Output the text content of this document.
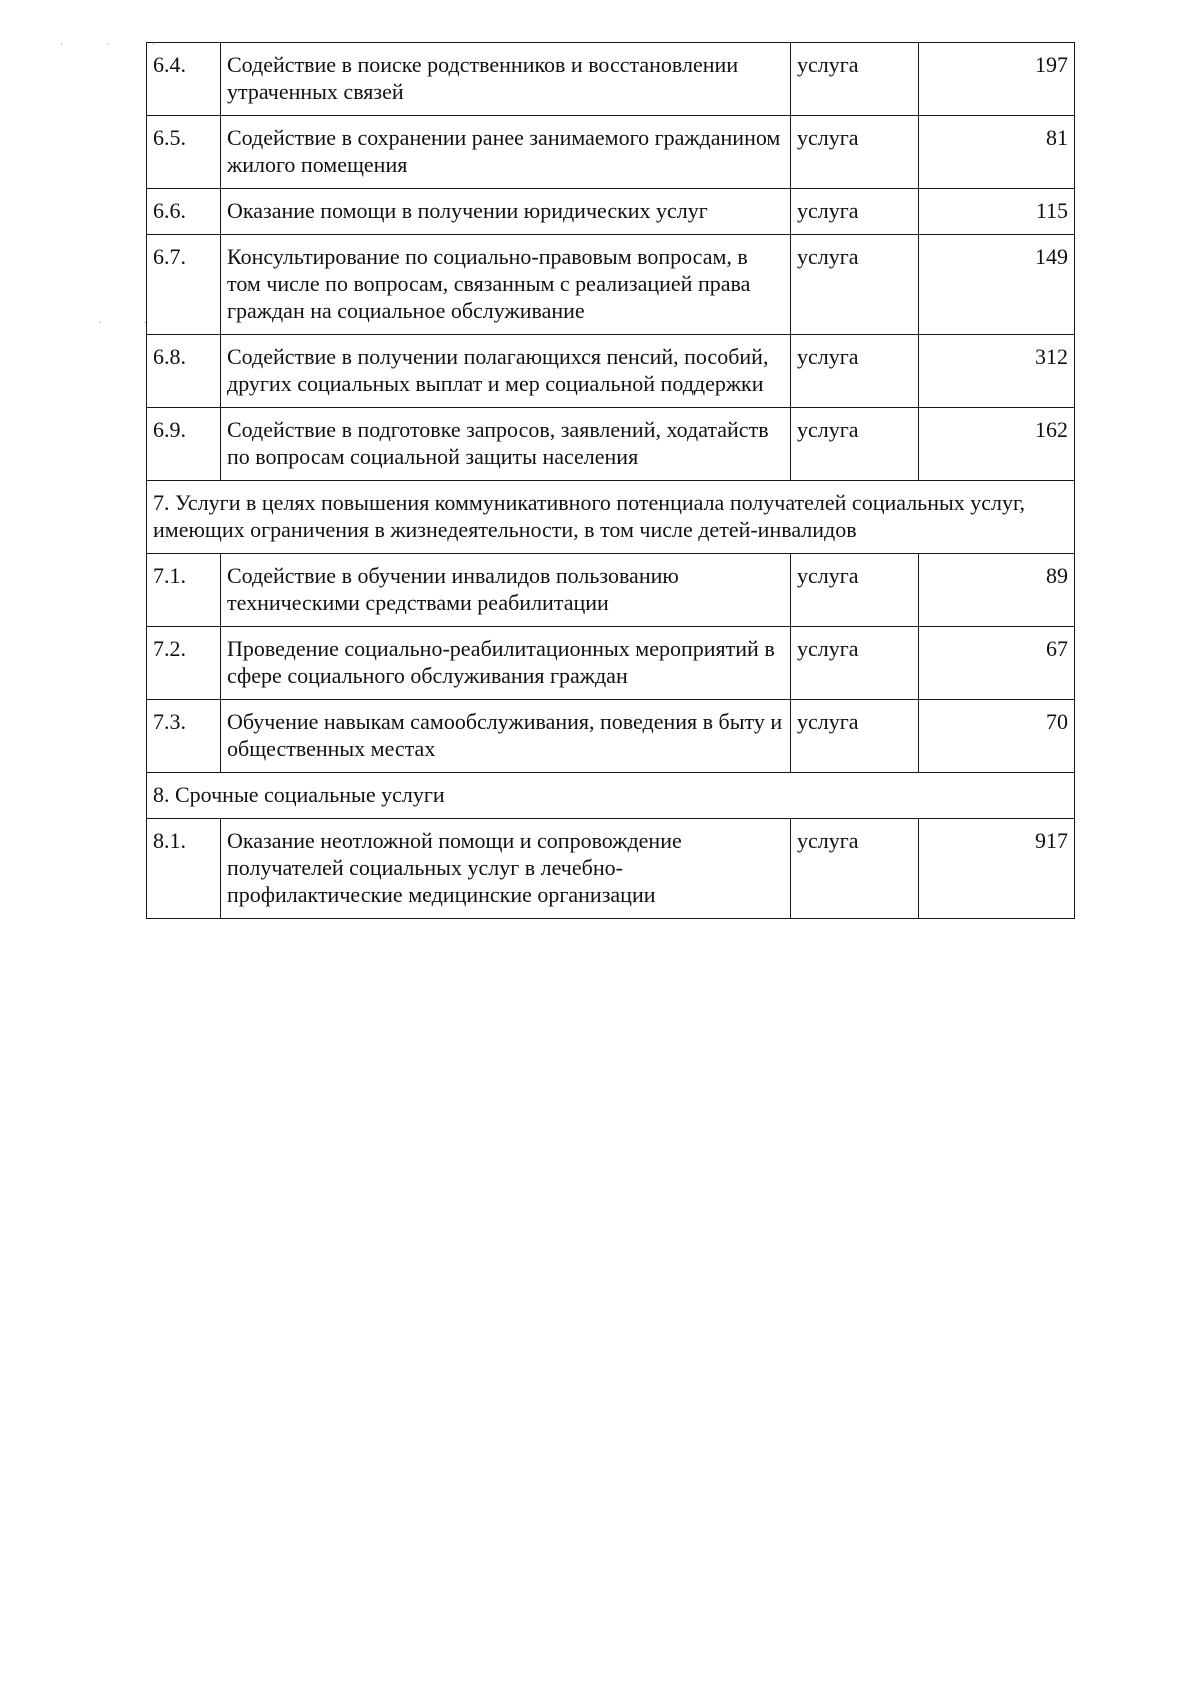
· · ·
· ·
6.4.	Содействие в поиске родственников и восстановлении утраченных связей	услуга	197
6.5.	Содействие в сохранении ранее занимаемого гражданином жилого помещения	услуга	81
6.6.	Оказание помощи в получении юридических услуг	услуга	115
6.7.	Консультирование по социально-правовым вопросам, в том числе по вопросам, связанным с реализацией права граждан на социальное обслуживание	услуга	149
6.8.	Содействие в получении полагающихся пенсий, пособий, других социальных выплат и мер социальной поддержки	услуга	312
6.9.	Содействие в подготовке запросов, заявлений, ходатайств по вопросам социальной защиты населения	услуга	162
7. Услуги в целях повышения коммуникативного потенциала получателей социальных услуг, имеющих ограничения в жизнедеятельности, в том числе детей-инвалидов			
7.1.	Содействие в обучении инвалидов пользованию техническими средствами реабилитации	услуга	89
7.2.	Проведение социально-реабилитационных мероприятий в сфере социального обслуживания граждан	услуга	67
7.3.	Обучение навыкам самообслуживания, поведения в быту и общественных местах	услуга	70
8. Срочные социальные услуги			
8.1.	Оказание неотложной помощи и сопровождение получателей социальных услуг в лечебно-профилактические медицинские организации	услуга	917
